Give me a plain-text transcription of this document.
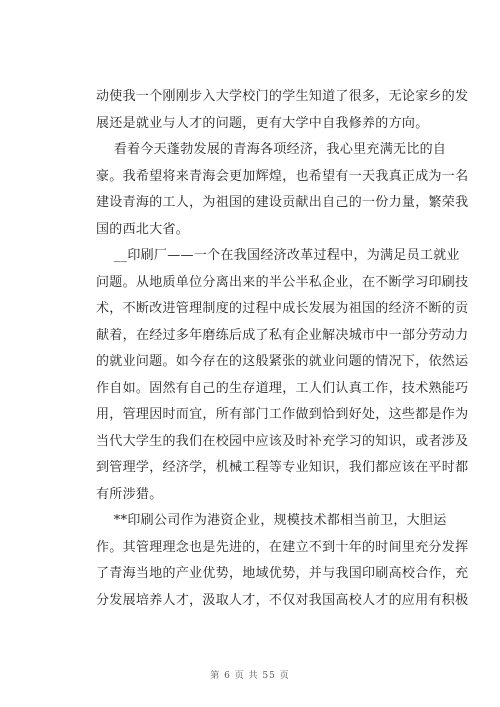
动使我一个刚刚步入大学校门的学生知道了很多，无论家乡的发
展还是就业与人才的问题，更有大学中自我修养的方向。
看着今天蓬勃发展的青海各项经济，我心里充满无比的自
豪。我希望将来青海会更加辉煌，也希望有一天我真正成为一名
建设青海的工人，为祖国的建设贡献出自己的一份力量，繁荣我
国的西北大省。
__印刷厂——一个在我国经济改革过程中，为满足员工就业
问题。从地质单位分离出来的半公半私企业，在不断学习印刷技
术，不断改进管理制度的过程中成长发展为祖国的经济不断的贡
献着，在经过多年磨练后成了私有企业解决城市中一部分劳动力
的就业问题。如今存在的这般紧张的就业问题的情况下，依然运
作自如。固然有自己的生存道理，工人们认真工作，技术熟能巧
用，管理因时而宜，所有部门工作做到恰到好处，这些都是作为
当代大学生的我们在校园中应该及时补充学习的知识，或者涉及
到管理学，经济学，机械工程等专业知识，我们都应该在平时都
有所涉猎。
**印刷公司作为港资企业，规模技术都相当前卫，大胆运
作。其管理理念也是先进的，在建立不到十年的时间里充分发挥
了青海当地的产业优势，地域优势，并与我国印刷高校合作，充
分发展培养人才，汲取人才，不仅对我国高校人才的应用有积极
第 6 页 共 55 页
